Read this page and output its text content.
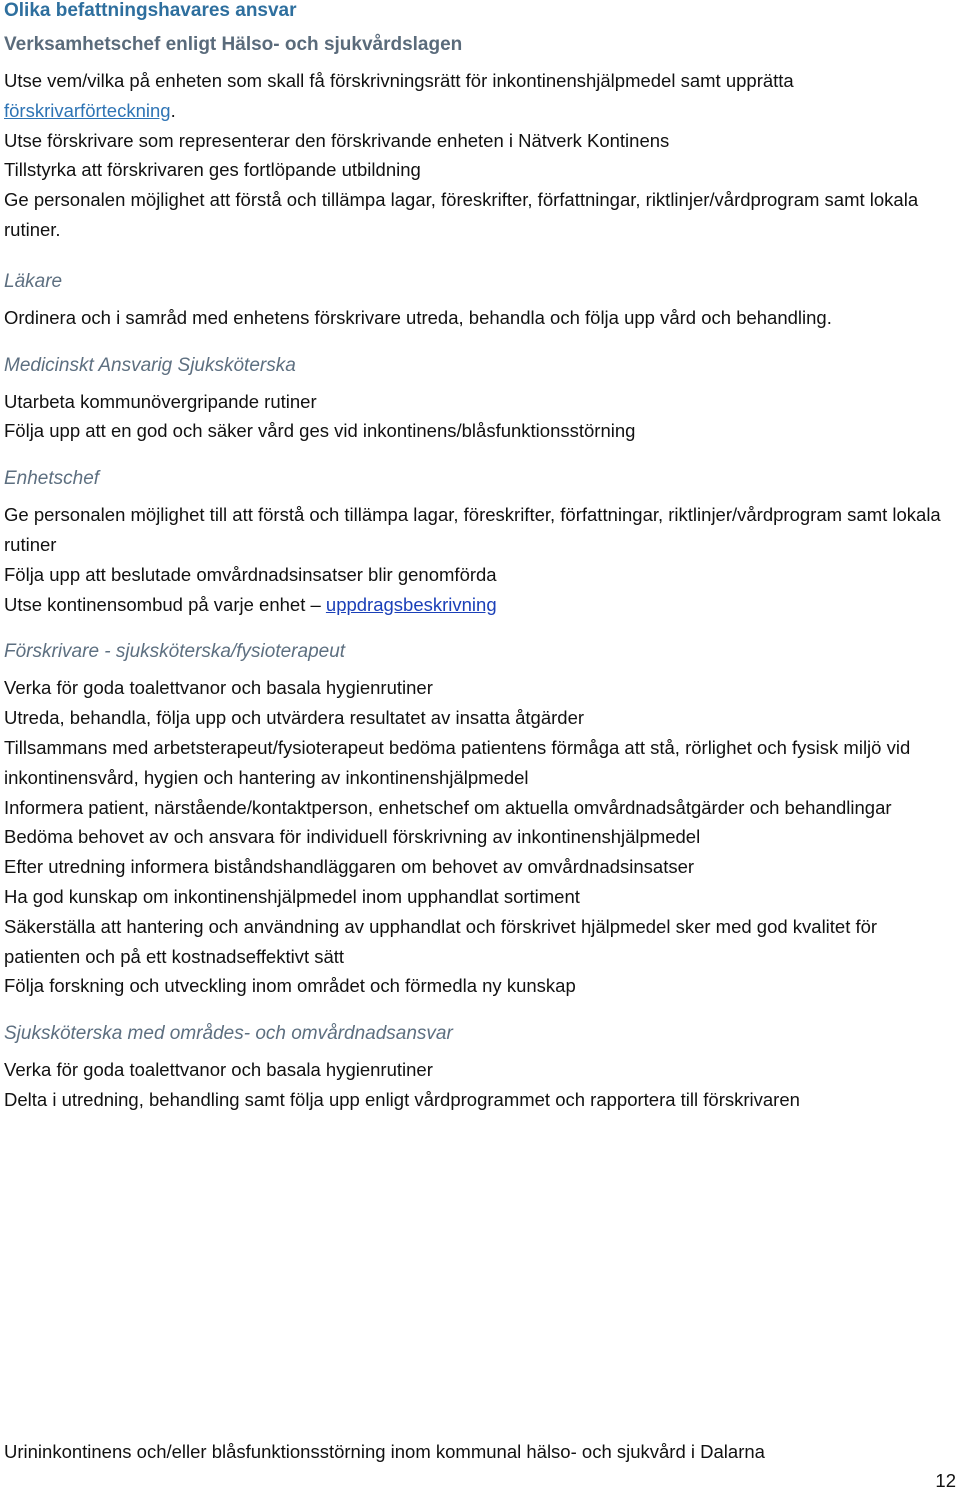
Olika befattningshavares ansvar
Verksamhetschef enligt Hälso- och sjukvårdslagen

Utse vem/vilka på enheten som skall få förskrivningsrätt för inkontinenshjälpmedel samt upprätta förskrivarförteckning.

Utse förskrivare som representerar den förskrivande enheten i Nätverk Kontinens

Tillstyrka att förskrivaren ges fortlöpande utbildning

Ge personalen möjlighet att förstå och tillämpa lagar, föreskrifter, författningar, riktlinjer/vårdprogram samt lokala rutiner.

Läkare

Ordinera och i samråd med enhetens förskrivare utreda, behandla och följa upp vård och behandling.

Medicinskt Ansvarig Sjuksköterska

Utarbeta kommunövergripande rutiner

Följa upp att en god och säker vård ges vid inkontinens/blåsfunktionsstörning

Enhetschef

Ge personalen möjlighet till att förstå och tillämpa lagar, föreskrifter, författningar, riktlinjer/vårdprogram samt lokala rutiner

Följa upp att beslutade omvårdnadsinsatser blir genomförda

Utse kontinensombud på varje enhet – uppdragsbeskrivning

Förskrivare - sjuksköterska/fysioterapeut

Verka för goda toalettvanor och basala hygienrutiner

Utreda, behandla, följa upp och utvärdera resultatet av insatta åtgärder

Tillsammans med arbetsterapeut/fysioterapeut bedöma patientens förmåga att stå, rörlighet och fysisk miljö vid inkontinensvård, hygien och hantering av inkontinenshjälpmedel

Informera patient, närstående/kontaktperson, enhetschef om aktuella omvårdnadsåtgärder och behandlingar

Bedöma behovet av och ansvara för individuell förskrivning av inkontinenshjälpmedel

Efter utredning informera biståndshandläggaren om behovet av omvårdnadsinsatser

Ha god kunskap om inkontinenshjälpmedel inom upphandlat sortiment

Säkerställa att hantering och användning av upphandlat och förskrivet hjälpmedel sker med god kvalitet för patienten och på ett kostnadseffektivt sätt

Följa forskning och utveckling inom området och förmedla ny kunskap

Sjuksköterska med områdes- och omvårdnadsansvar

Verka för goda toalettvanor och basala hygienrutiner

Delta i utredning, behandling samt följa upp enligt vårdprogrammet och rapportera till förskrivaren

Urininkontinens och/eller blåsfunktionsstörning inom kommunal hälso- och sjukvård i Dalarna
12
